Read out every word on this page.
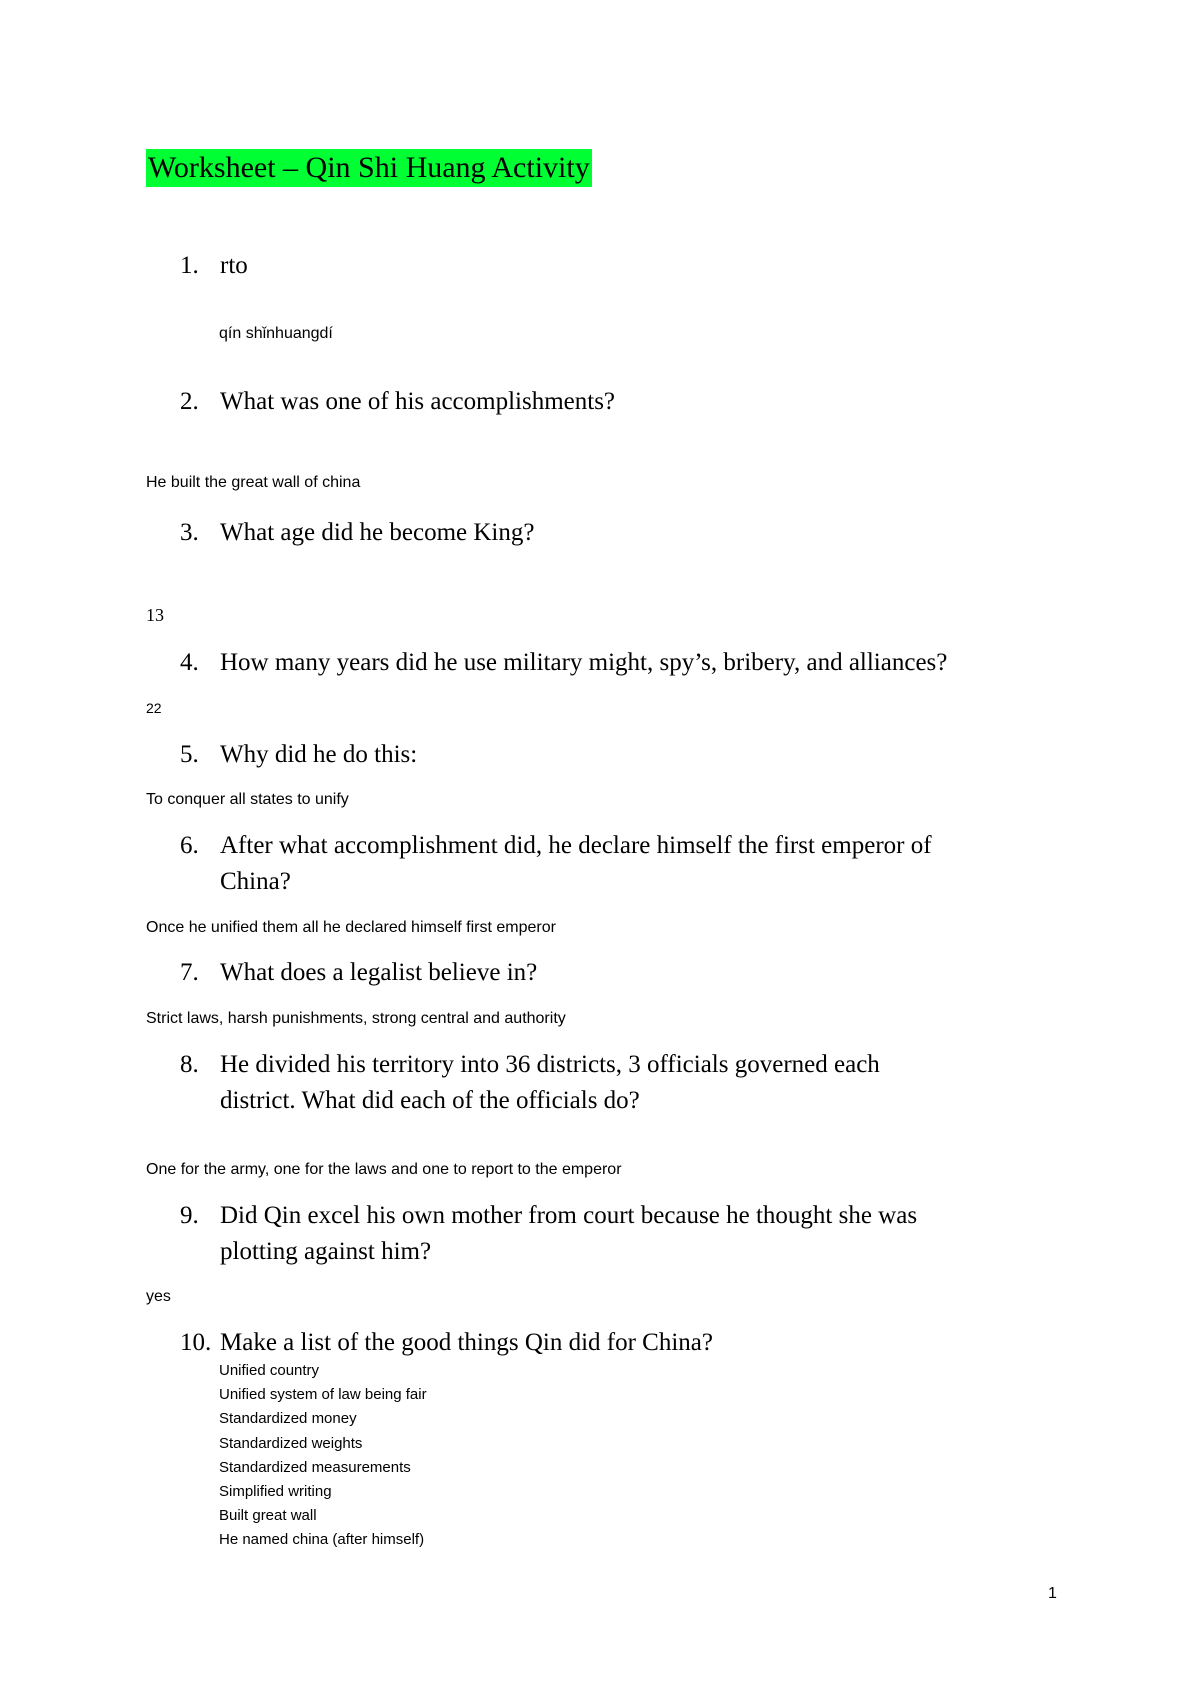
Worksheet – Qin Shi Huang Activity
1. rto
qín shǐnhuangdí
2. What was one of his accomplishments?
He built the great wall of china
3. What age did he become King?
13
4. How many years did he use military might, spy’s, bribery, and alliances?
22
5. Why did he do this:
To conquer all states to unify
6. After what accomplishment did, he declare himself the first emperor of
China?
Once he unified them all he declared himself first emperor
7. What does a legalist believe in?
Strict laws, harsh punishments, strong central and authority
8. He divided his territory into 36 districts, 3 officials governed each
district. What did each of the officials do?
One for the army, one for the laws and one to report to the emperor
9. Did Qin excel his own mother from court because he thought she was
plotting against him?
yes
10. Make a list of the good things Qin did for China?
Unified country
Unified system of law being fair
Standardized money
Standardized weights
Standardized measurements
Simplified writing
Built great wall
He named china (after himself)
1
